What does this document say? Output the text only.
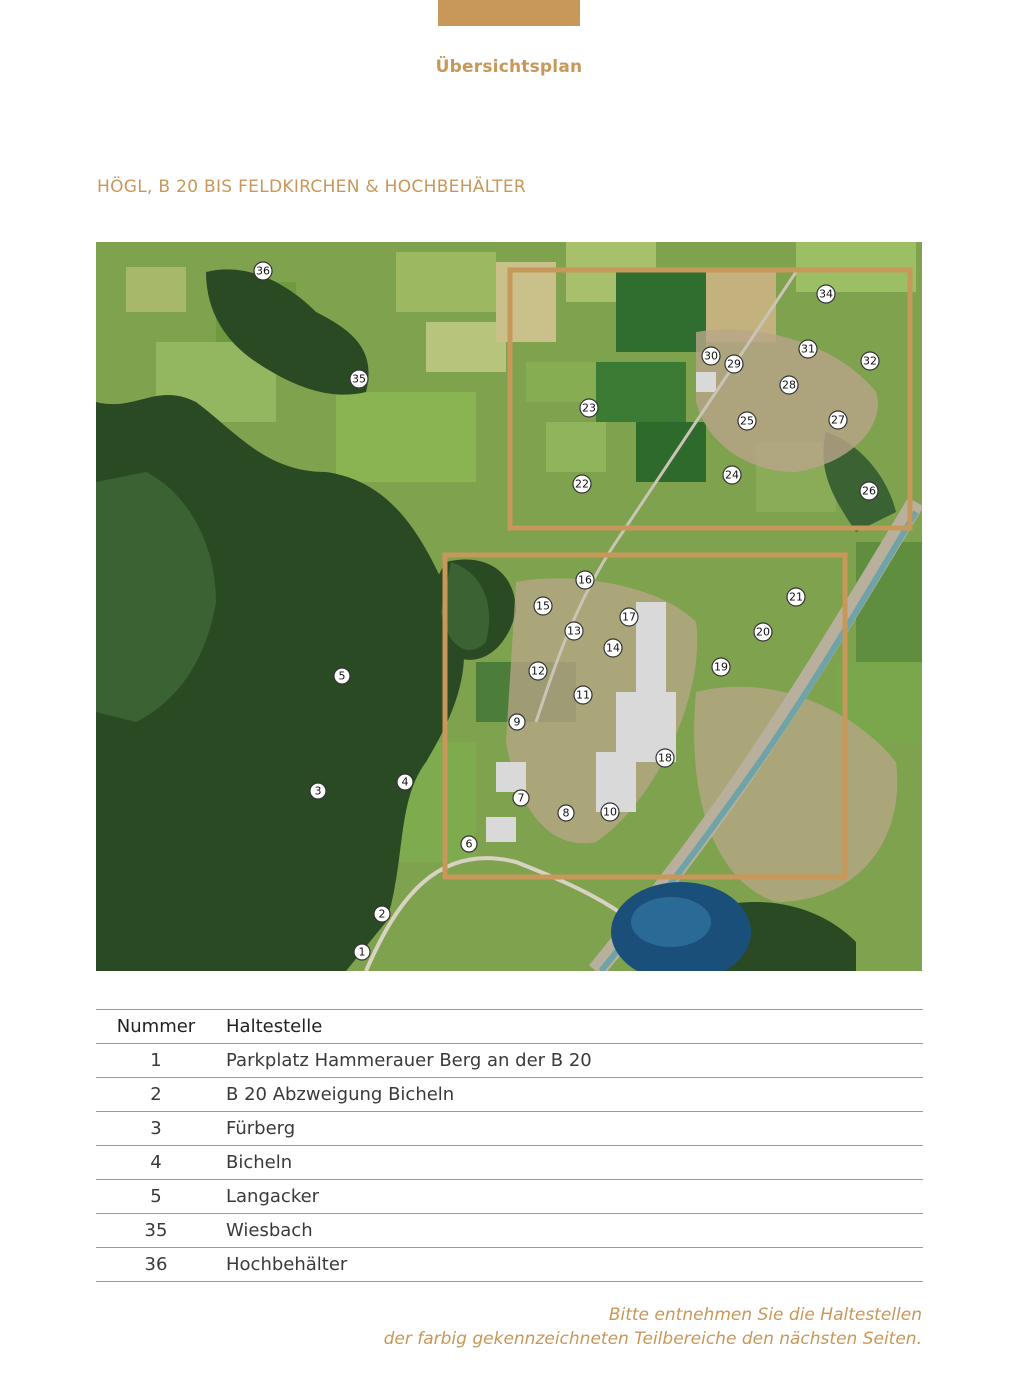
Übersichtsplan
HÖGL, B 20 BIS FELDKIRCHEN & HOCHBEHÄLTER
1
2
3
4
5
6
7
8
9
10
11
12
13
14
15
16
17
18
19
20
21
22
23
24
25
26
27
28
29
30
31
32
34
35
36
Nummer	Haltestelle
1	Parkplatz Hammerauer Berg an der B 20
2	B 20 Abzweigung Bicheln
3	Fürberg
4	Bicheln
5	Langacker
35	Wiesbach
36	Hochbehälter
Bitte entnehmen Sie die Haltestellen
der farbig gekennzeichneten Teilbereiche den nächsten Seiten.
